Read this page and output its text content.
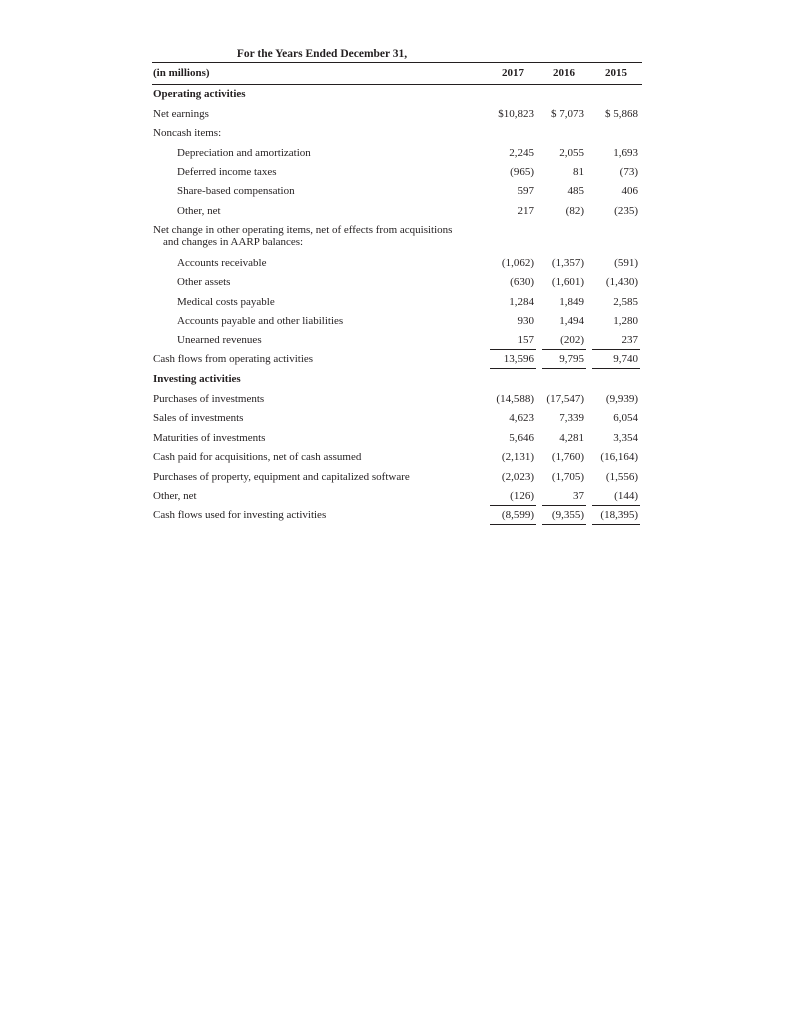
For the Years Ended December 31,
(in millions)	2017	2016	2015
Operating activities
Net earnings	$10,823	$ 7,073	$ 5,868
Noncash items:
Depreciation and amortization	2,245	2,055	1,693
Deferred income taxes	(965)	81	(73)
Share-based compensation	597	485	406
Other, net	217	(82)	(235)
Net change in other operating items, net of effects from acquisitions
and changes in AARP balances:
Accounts receivable	(1,062)	(1,357)	(591)
Other assets	(630)	(1,601)	(1,430)
Medical costs payable	1,284	1,849	2,585
Accounts payable and other liabilities	930	1,494	1,280
Unearned revenues	157	(202)	237
Cash flows from operating activities	13,596	9,795	9,740
Investing activities
Purchases of investments	(14,588)	(17,547)	(9,939)
Sales of investments	4,623	7,339	6,054
Maturities of investments	5,646	4,281	3,354
Cash paid for acquisitions, net of cash assumed	(2,131)	(1,760)	(16,164)
Purchases of property, equipment and capitalized software	(2,023)	(1,705)	(1,556)
Other, net	(126)	37	(144)
Cash flows used for investing activities	(8,599)	(9,355)	(18,395)
